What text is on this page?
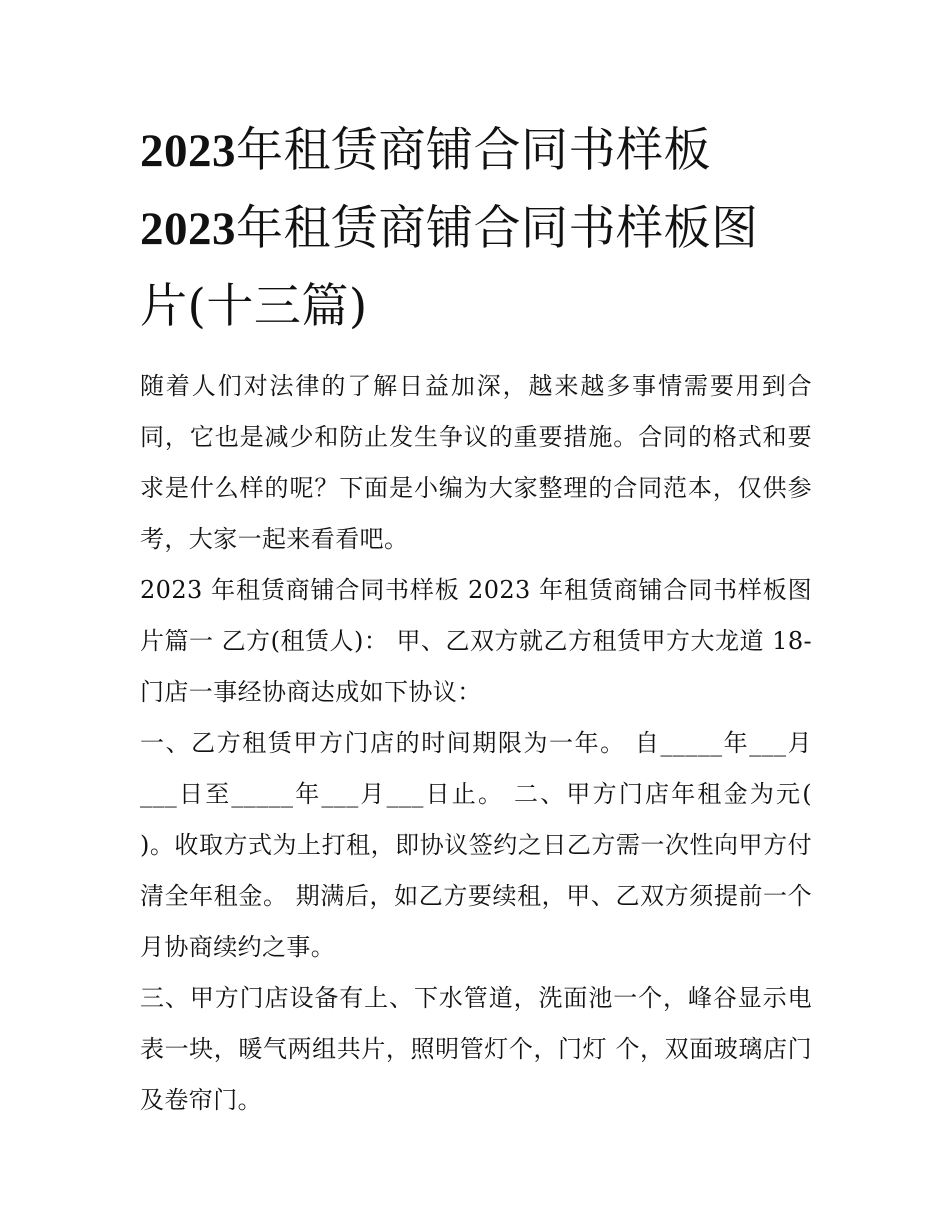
2023年租赁商铺合同书样板
2023年租赁商铺合同书样板图
片(十三篇)

随着人们对法律的了解日益加深，越来越多事情需要用到合同，它也是减少和防止发生争议的重要措施。合同的格式和要求是什么样的呢？下面是小编为大家整理的合同范本，仅供参考，大家一起来看看吧。

2023 年租赁商铺合同书样板 2023 年租赁商铺合同书样板图片篇一 乙方(租赁人)： 甲、乙双方就乙方租赁甲方大龙道 18-门店一事经协商达成如下协议：

一、乙方租赁甲方门店的时间期限为一年。 自_____年___月___日至_____年___月___日止。 二、甲方门店年租金为元( )。收取方式为上打租，即协议签约之日乙方需一次性向甲方付清全年租金。 期满后，如乙方要续租，甲、乙双方须提前一个月协商续约之事。

三、甲方门店设备有上、下水管道，洗面池一个，峰谷显示电表一块，暖气两组共片，照明管灯个，门灯 个，双面玻璃店门及卷帘门。
